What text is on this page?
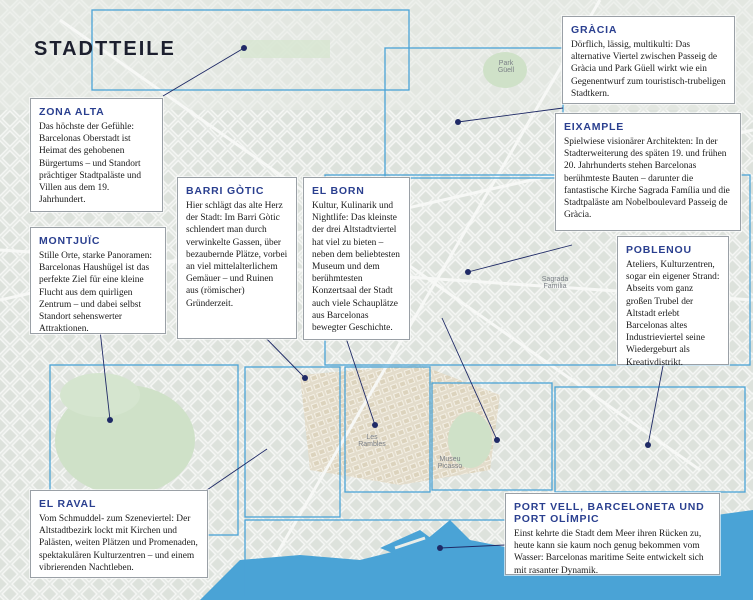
Park Güell
Sagrada Família
Les Rambles
Museu Picasso
STADTTEILE
GRÀCIA

Dörflich, lässig, multikulti: Das alternative Viertel zwischen Passeig de Gràcia und Park Güell wirkt wie ein Gegenentwurf zum touristisch-trubeligen Stadtkern.

ZONA ALTA

Das höchste der Gefühle: Barcelonas Oberstadt ist Heimat des gehobenen Bürgertums – und Standort prächtiger Stadtpaläste und Villen aus dem 19. Jahrhundert.

EIXAMPLE

Spielwiese visionärer Architekten: In der Stadterweiterung des späten 19. und frühen 20. Jahrhunderts stehen Barcelonas berühmteste Bauten – darunter die fantastische Kirche Sagrada Família und die Stadtpaläste am Nobelboulevard Passeig de Gràcia.

BARRI GÒTIC

Hier schlägt das alte Herz der Stadt: Im Barri Gòtic schlendert man durch verwinkelte Gassen, über bezaubernde Plätze, vorbei an viel mittelalterlichem Gemäuer – und Ruinen aus (römischer) Gründerzeit.

EL BORN

Kultur, Kulinarik und Nightlife: Das kleinste der drei Altstadtviertel hat viel zu bieten – neben dem beliebtesten Museum und dem berühmtesten Konzertsaal der Stadt auch viele Schauplätze aus Barcelonas bewegter Geschichte.

MONTJUÏC

Stille Orte, starke Panoramen: Barcelonas Haushügel ist das perfekte Ziel für eine kleine Flucht aus dem quirligen Zentrum – und dabei selbst Standort sehenswerter Attraktionen.

POBLENOU

Ateliers, Kulturzentren, sogar ein eigener Strand: Abseits vom ganz großen Trubel der Altstadt erlebt Barcelonas altes Industrieviertel seine Wiedergeburt als Kreativdistrikt.

EL RAVAL

Vom Schmuddel- zum Szeneviertel: Der Altstadtbezirk lockt mit Kirchen und Palästen, weiten Plätzen und Promenaden, spektakulären Kulturzentren – und einem vibrierenden Nachtleben.

PORT VELL, BARCELONETA UND PORT OLÍMPIC

Einst kehrte die Stadt dem Meer ihren Rücken zu, heute kann sie kaum noch genug bekommen vom Wasser: Barcelonas maritime Seite entwickelt sich mit rasanter Dynamik.
